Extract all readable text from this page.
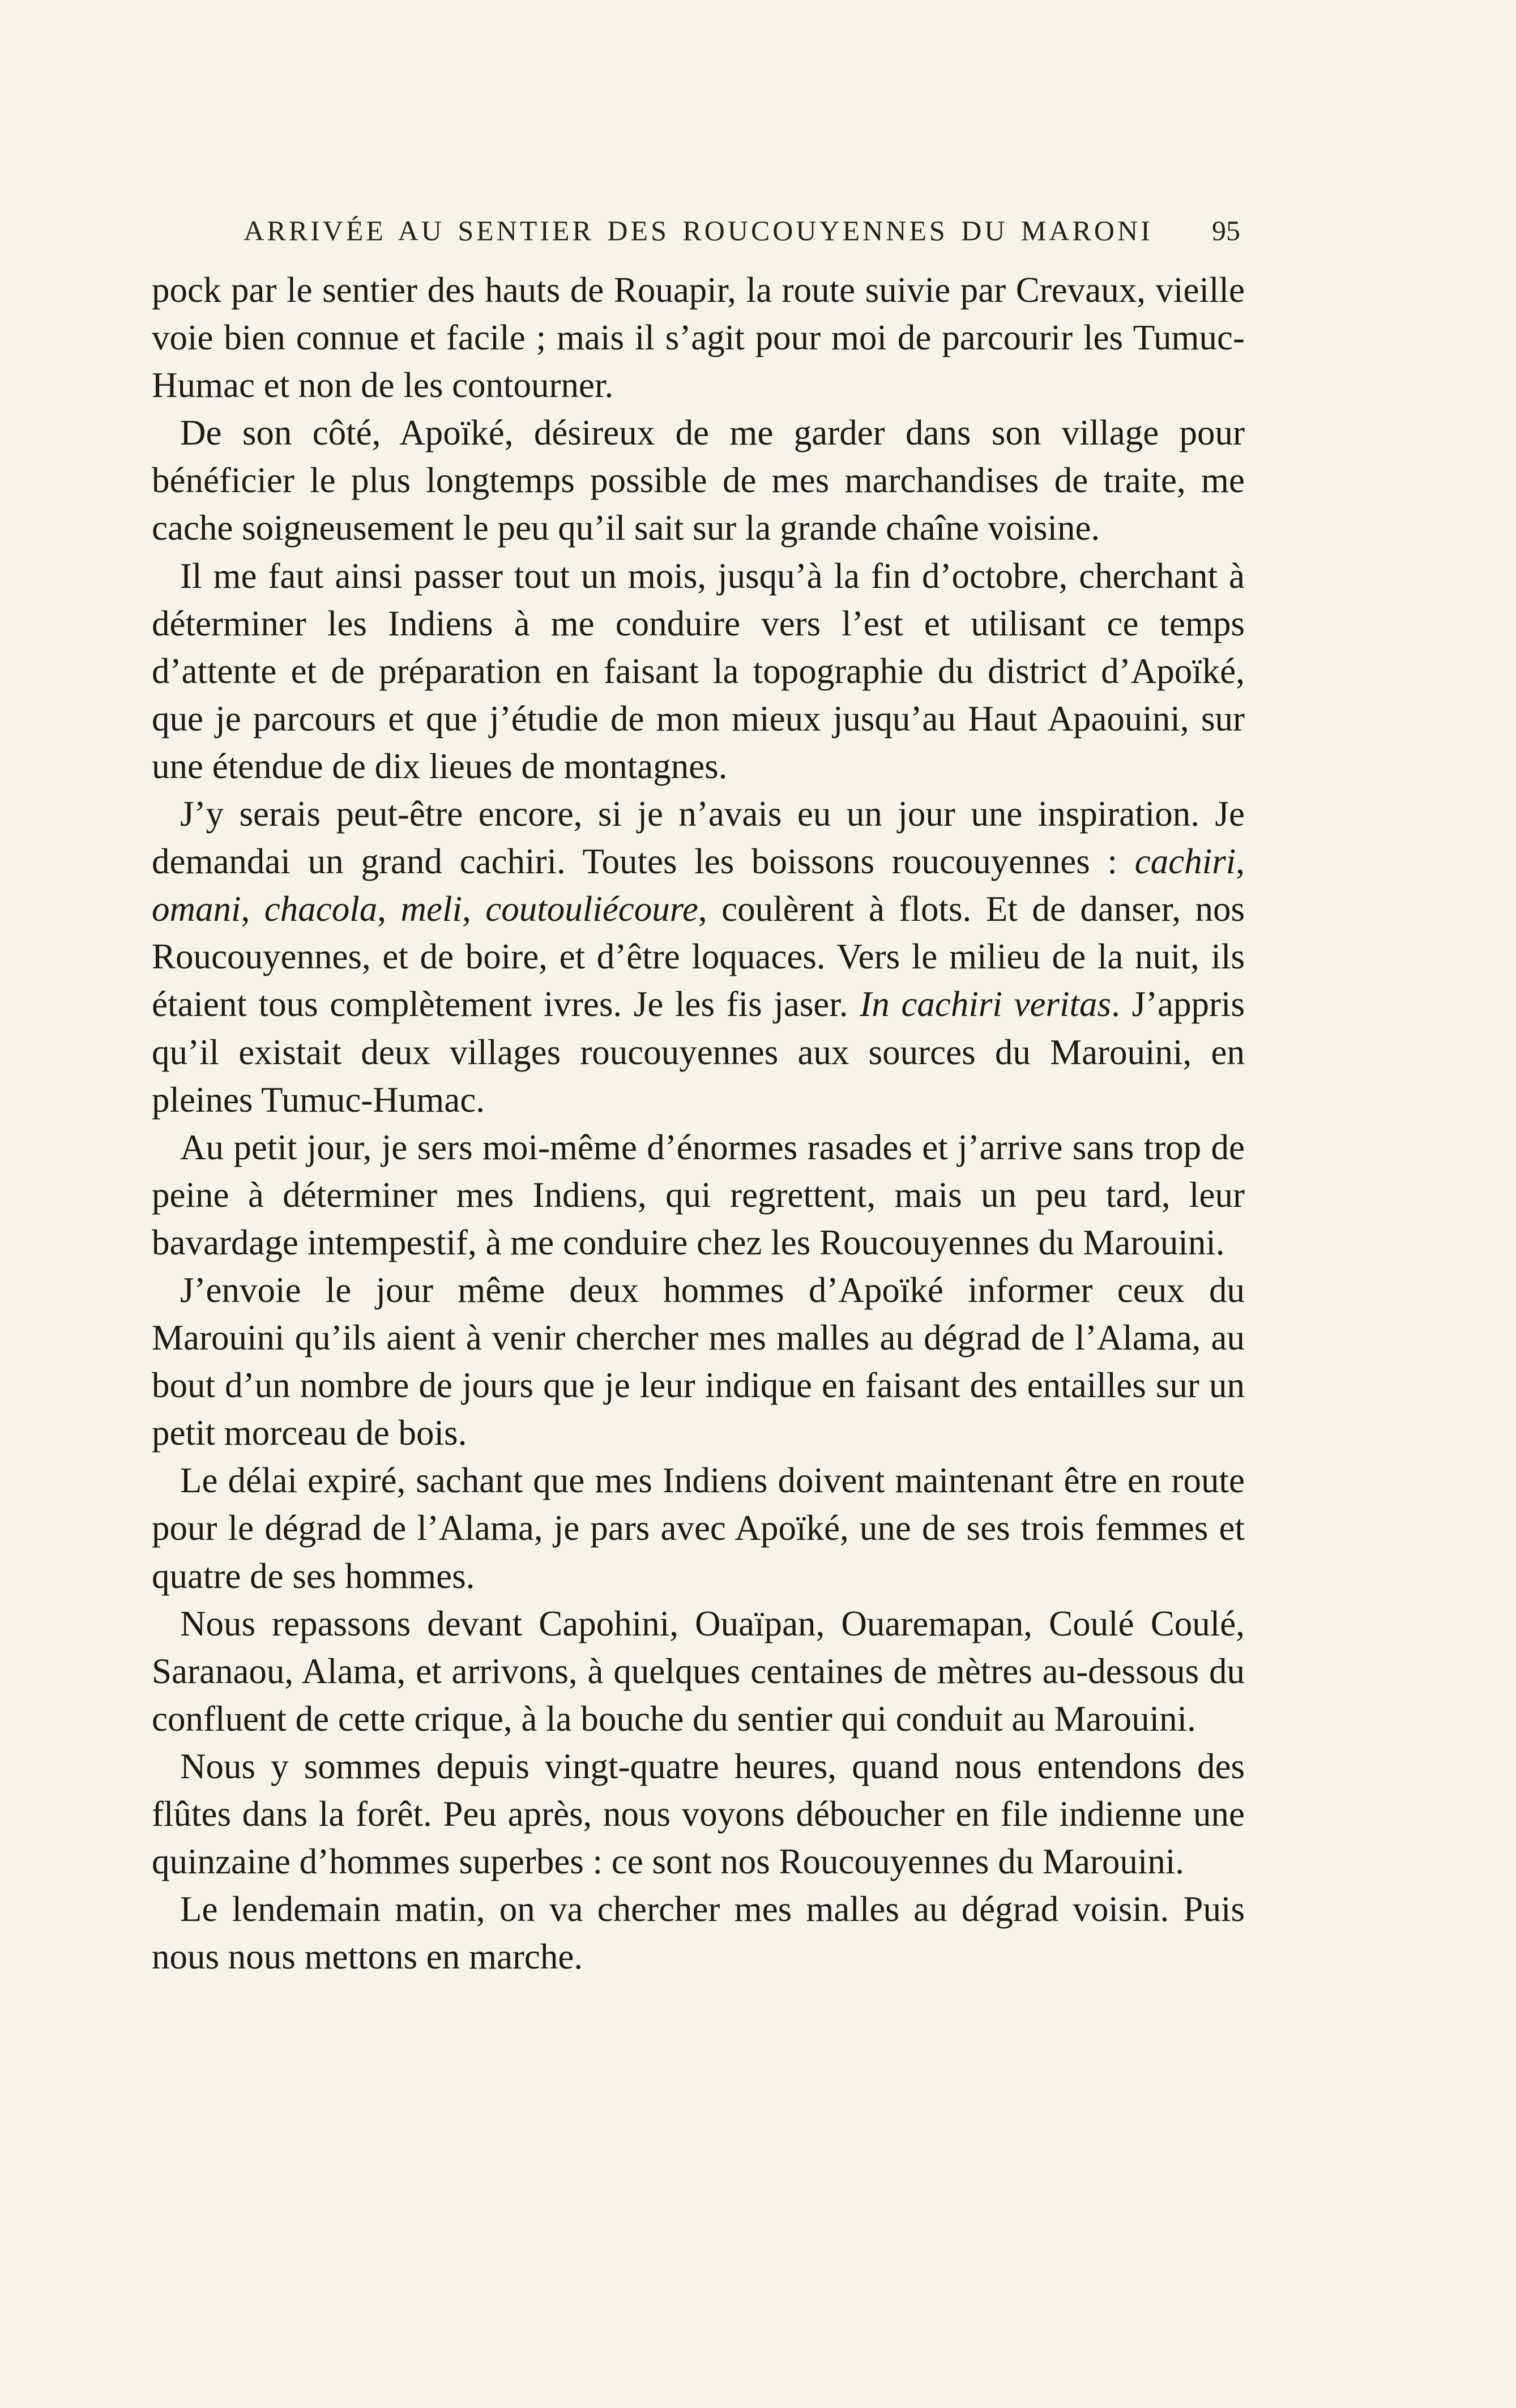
ARRIVÉE AU SENTIER DES ROUCOUYENNES DU MARONI	95

pock par le sentier des hauts de Rouapir, la route suivie par Crevaux, vieille voie bien connue et facile ; mais il s’agit pour moi de parcourir les Tumuc-Humac et non de les contourner.

De son côté, Apoïké, désireux de me garder dans son village pour bénéficier le plus longtemps possible de mes marchandises de traite, me cache soigneusement le peu qu’il sait sur la grande chaîne voisine.

Il me faut ainsi passer tout un mois, jusqu’à la fin d’octobre, cherchant à déterminer les Indiens à me conduire vers l’est et utilisant ce temps d’attente et de préparation en faisant la topographie du district d’Apoïké, que je parcours et que j’étudie de mon mieux jusqu’au Haut Apaouini, sur une étendue de dix lieues de montagnes.

J’y serais peut-être encore, si je n’avais eu un jour une inspiration. Je demandai un grand cachiri. Toutes les boissons roucouyennes : cachiri, omani, chacola, meli, coutouliécoure, coulèrent à flots. Et de danser, nos Roucouyennes, et de boire, et d’être loquaces. Vers le milieu de la nuit, ils étaient tous complètement ivres. Je les fis jaser. In cachiri veritas. J’appris qu’il existait deux villages roucouyennes aux sources du Marouini, en pleines Tumuc-Humac.

Au petit jour, je sers moi-même d’énormes rasades et j’arrive sans trop de peine à déterminer mes Indiens, qui regrettent, mais un peu tard, leur bavardage intempestif, à me conduire chez les Roucouyennes du Marouini.

J’envoie le jour même deux hommes d’Apoïké informer ceux du Marouini qu’ils aient à venir chercher mes malles au dégrad de l’Alama, au bout d’un nombre de jours que je leur indique en faisant des entailles sur un petit morceau de bois.

Le délai expiré, sachant que mes Indiens doivent maintenant être en route pour le dégrad de l’Alama, je pars avec Apoïké, une de ses trois femmes et quatre de ses hommes.

Nous repassons devant Capohini, Ouaïpan, Ouaremapan, Coulé Coulé, Saranaou, Alama, et arrivons, à quelques centaines de mètres au-dessous du confluent de cette crique, à la bouche du sentier qui conduit au Marouini.

Nous y sommes depuis vingt-quatre heures, quand nous entendons des flûtes dans la forêt. Peu après, nous voyons déboucher en file indienne une quinzaine d’hommes superbes : ce sont nos Roucouyennes du Marouini.

Le lendemain matin, on va chercher mes malles au dégrad voisin. Puis nous nous mettons en marche.
